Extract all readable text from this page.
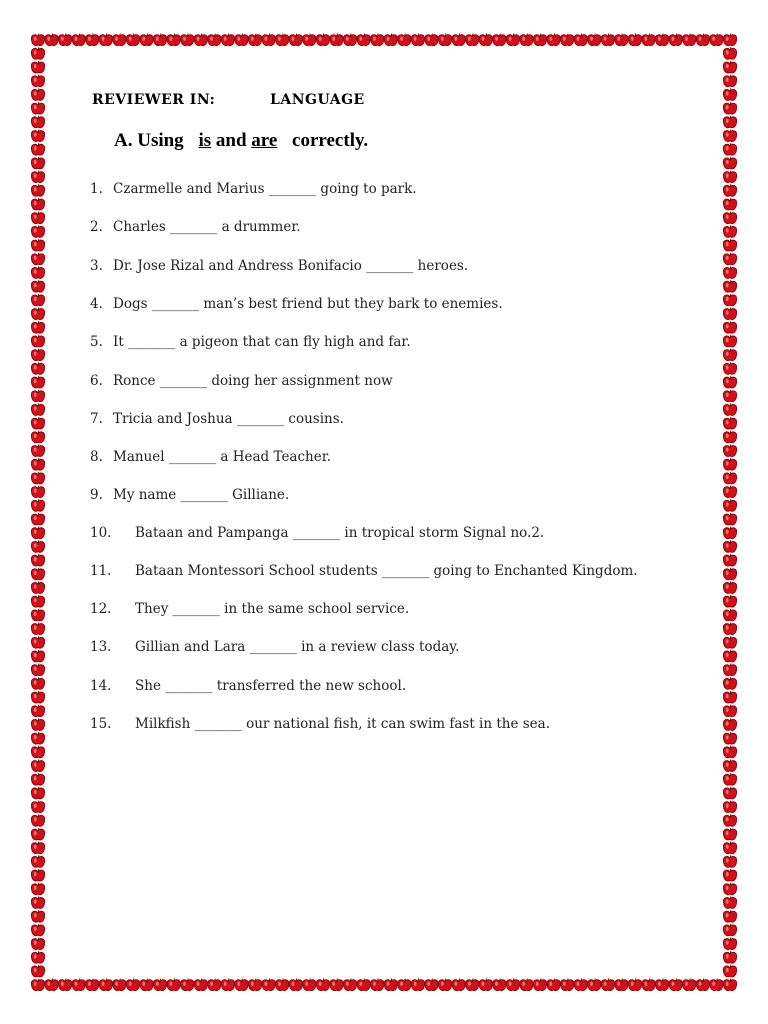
REVIEWER IN:	LANGUAGE
A. Using is and are correctly.
1. Czarmelle and Marius _______ going to park.
2. Charles _______ a drummer.
3. Dr. Jose Rizal and Andress Bonifacio _______ heroes.
4. Dogs _______ man’s best friend but they bark to enemies.
5. It _______ a pigeon that can fly high and far.
6. Ronce _______ doing her assignment now
7. Tricia and Joshua _______ cousins.
8. Manuel _______ a Head Teacher.
9. My name _______ Gilliane.
10. Bataan and Pampanga _______ in tropical storm Signal no.2.
11. Bataan Montessori School students _______ going to Enchanted Kingdom.
12. They _______ in the same school service.
13. Gillian and Lara _______ in a review class today.
14. She _______ transferred the new school.
15. Milkfish _______ our national fish, it can swim fast in the sea.
